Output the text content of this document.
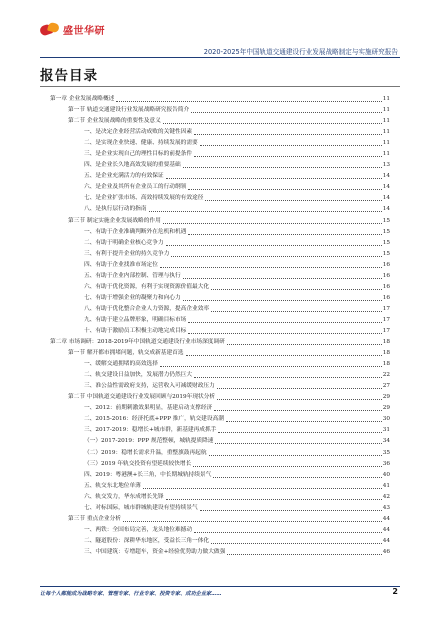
盛世华研
2020-2025年中国轨道交通建设行业发展战略制定与实施研究报告
报告目录
第一章 企业发展战略概述	11
第一节 轨道交通建设行业发展战略研究报告简介	11
第二节 企业发展战略的重要性及意义	11
一、是决定企业经营活动成败的关键性因素	11
二、是实现企业快速、健康、持续发展的需要	11
三、是企业实现自己的理性目标的前提条件	11
四、是企业长久地高效发展的重要基础	13
五、是企业充满活力的有效保证	14
六、是企业及其所有企业员工的行动纲领	14
七、是企业扩张市场、高效持续发展的有效途径	14
八、是执行层行动的指南	14
第三节 制定实施企业发展战略的作用	15
一、有助于企业准确判断外在危机和机遇	15
二、有助于明确企业核心竞争力	15
三、有利于提升企业的持久竞争力	15
四、有助于企业找准市场定位	16
五、有助于企业内部控制、管理与执行	16
六、有助于优化资源，有利于实现资源价值最大化	16
七、有助于增强企业的凝聚力和向心力	16
八、有助于优化整合企业人力资源，提高企业效率	17
九、有助于建立品牌形象，明确目标市场	17
十、有助于激励员工积极主动地完成目标	17
第二章 市场调研：2018-2019年中国轨道交通建设行业市场深度调研	18
第一节 解开都市拥堵问题，轨交成新基建首选	18
一、缓解交通拥堵的高效选择	18
二、轨交建设日益加快，发展潜力仍然巨大	22
三、准公益性需政府支持，运营收入可减缓财政压力	27
第二节 中国轨道交通建设行业发展回顾与2019年现状分析	29
一、2012：前期刺激效果明显，基建启动支撑经济	29
二、2015-2016：经济托底+PPP 推广，轨交建设高潮	30
三、2017-2019：稳增长+城市群，新基建再成抓手	31
（一）2017-2019：PPP 规范整顿，城轨提质降速	34
（二）2019：稳增长需求升温，重整旗鼓再起航	35
（三）2019 年轨交投资有望延续较快增长	36
四、2019：粤港澳+长三角，中长期城轨持续景气	40
五、轨交东北地位单薄	41
六、轨交发力，华东成增长先锋	42
七、对标国际，城市群城轨建设有望持续景气	43
第三节 重点企业分析	44
一、两铁：全国布局完善，龙头地位难撼动	44
二、隧道股份：深耕华东地区，受益长三角一体化	44
三、中国建筑：专增超车，资金+经验优势助力做大做强	46
让每个人都能成为战略专家、管理专家、行业专家、投资专家、成功企业家……	2
